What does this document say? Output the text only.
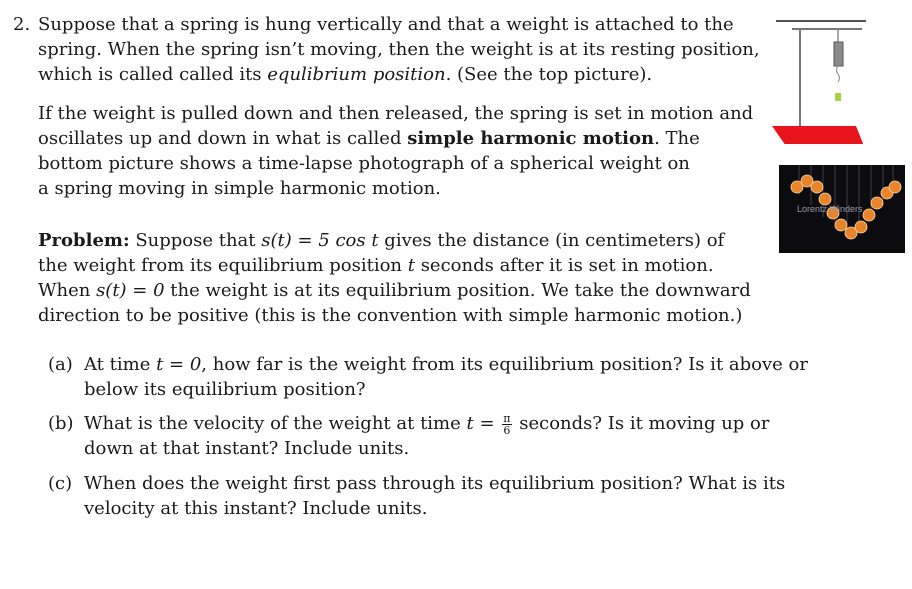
2. Suppose that a spring is hung vertically and that a weight is attached to the
spring. When the spring isn’t moving, then the weight is at its resting position,
which is called called its equlibrium position. (See the top picture).
If the weight is pulled down and then released, the spring is set in motion and
oscillates up and down in what is called simple harmonic motion. The
bottom picture shows a time-lapse photograph of a spherical weight on
a spring moving in simple harmonic motion.
Problem: Suppose that s(t) = 5 cos t gives the distance (in centimeters) of
the weight from its equilibrium position t seconds after it is set in motion.
When s(t) = 0 the weight is at its equilibrium position. We take the downward
direction to be positive (this is the convention with simple harmonic motion.)
(a) At time t = 0, how far is the weight from its equilibrium position? Is it above or
below its equilibrium position?
(b) What is the velocity of the weight at time $t = \frac{\pi}{6}$ seconds? Is it moving up or
down at that instant? Include units.
(c) When does the weight first pass through its equilibrium position? What is its
velocity at this instant? Include units.
Lorentz Winders
